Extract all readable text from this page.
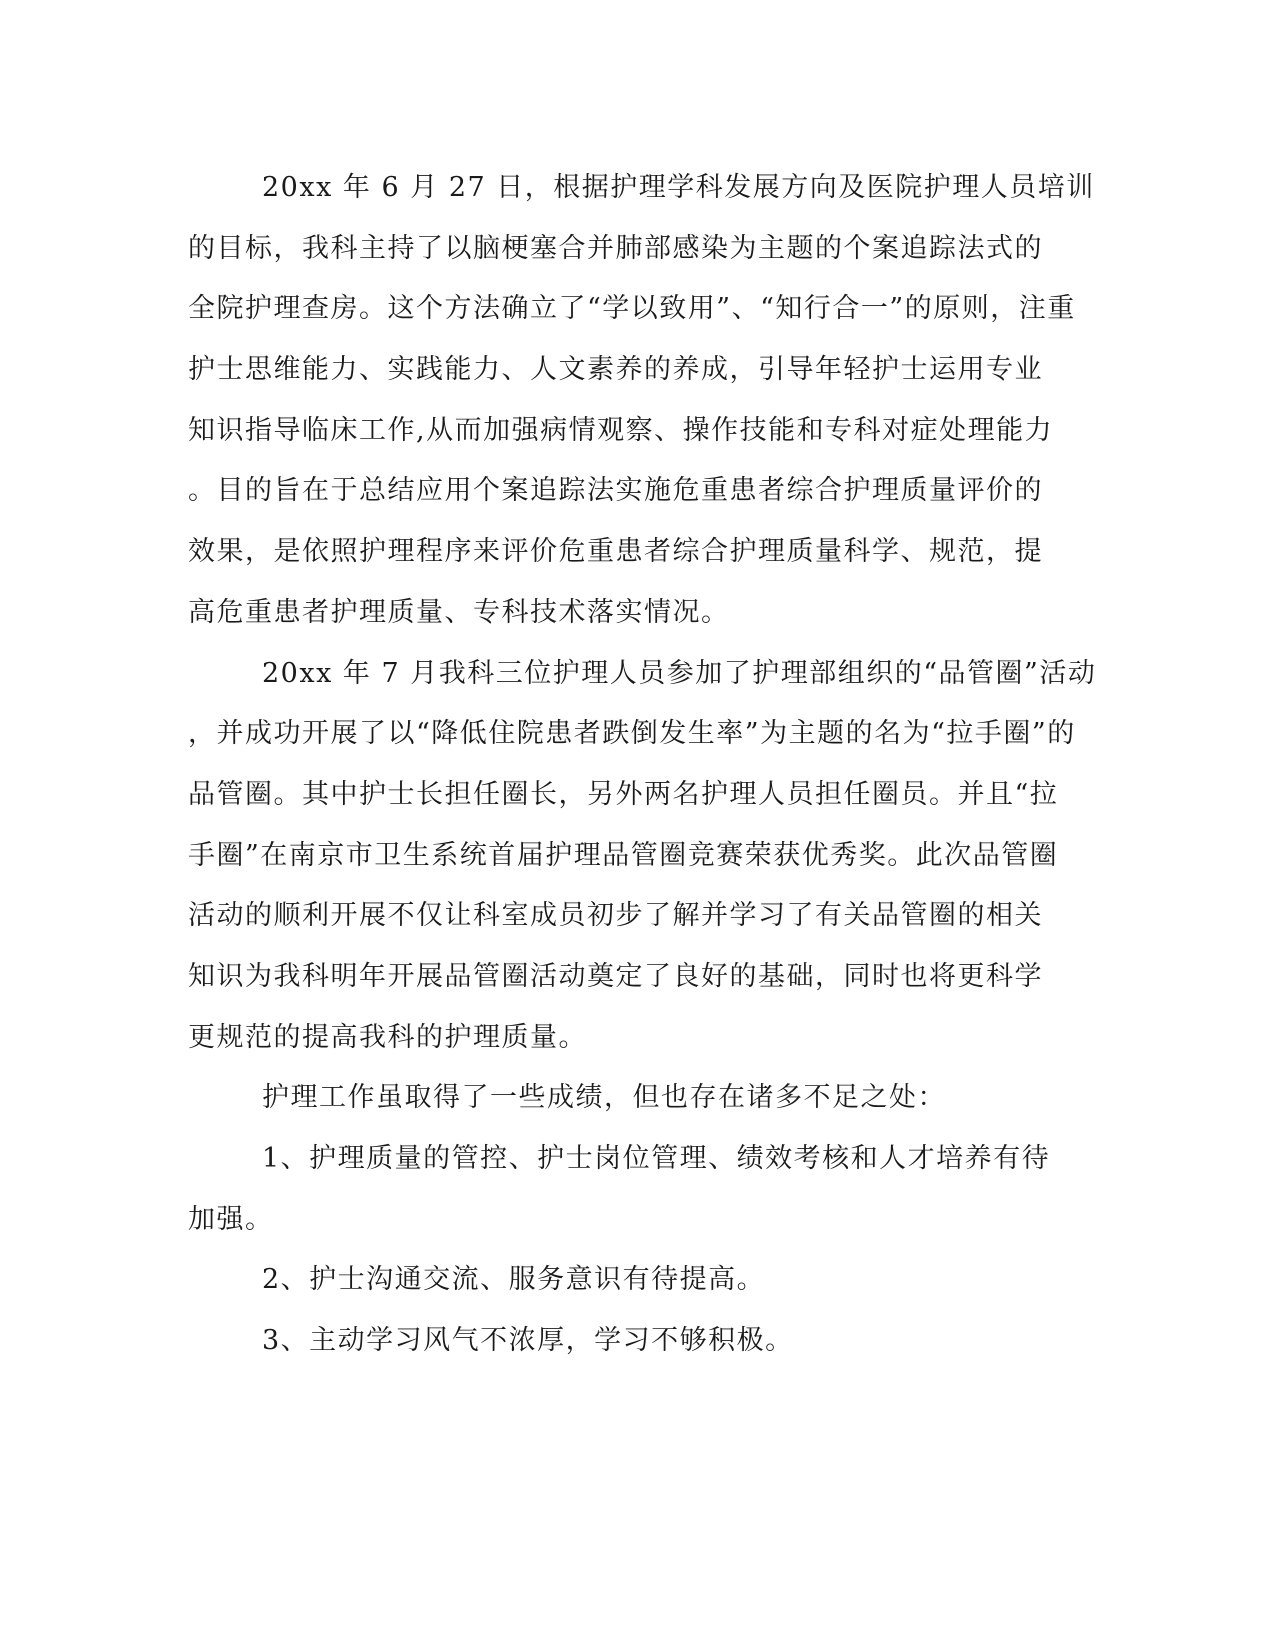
20xx 年 6 月 27 日，根据护理学科发展方向及医院护理人员培训
的目标，我科主持了以脑梗塞合并肺部感染为主题的个案追踪法式的
全院护理查房。这个方法确立了“学以致用”、“知行合一”的原则，注重
护士思维能力、实践能力、人文素养的养成，引导年轻护士运用专业
知识指导临床工作,从而加强病情观察、操作技能和专科对症处理能力
。目的旨在于总结应用个案追踪法实施危重患者综合护理质量评价的
效果，是依照护理程序来评价危重患者综合护理质量科学、规范，提
高危重患者护理质量、专科技术落实情况。
20xx 年 7 月我科三位护理人员参加了护理部组织的“品管圈”活动
，并成功开展了以“降低住院患者跌倒发生率”为主题的名为“拉手圈”的
品管圈。其中护士长担任圈长，另外两名护理人员担任圈员。并且“拉
手圈”在南京市卫生系统首届护理品管圈竞赛荣获优秀奖。此次品管圈
活动的顺利开展不仅让科室成员初步了解并学习了有关品管圈的相关
知识为我科明年开展品管圈活动奠定了良好的基础，同时也将更科学
更规范的提高我科的护理质量。
护理工作虽取得了一些成绩，但也存在诸多不足之处：
1、护理质量的管控、护士岗位管理、绩效考核和人才培养有待
加强。
2、护士沟通交流、服务意识有待提高。
3、主动学习风气不浓厚，学习不够积极。
